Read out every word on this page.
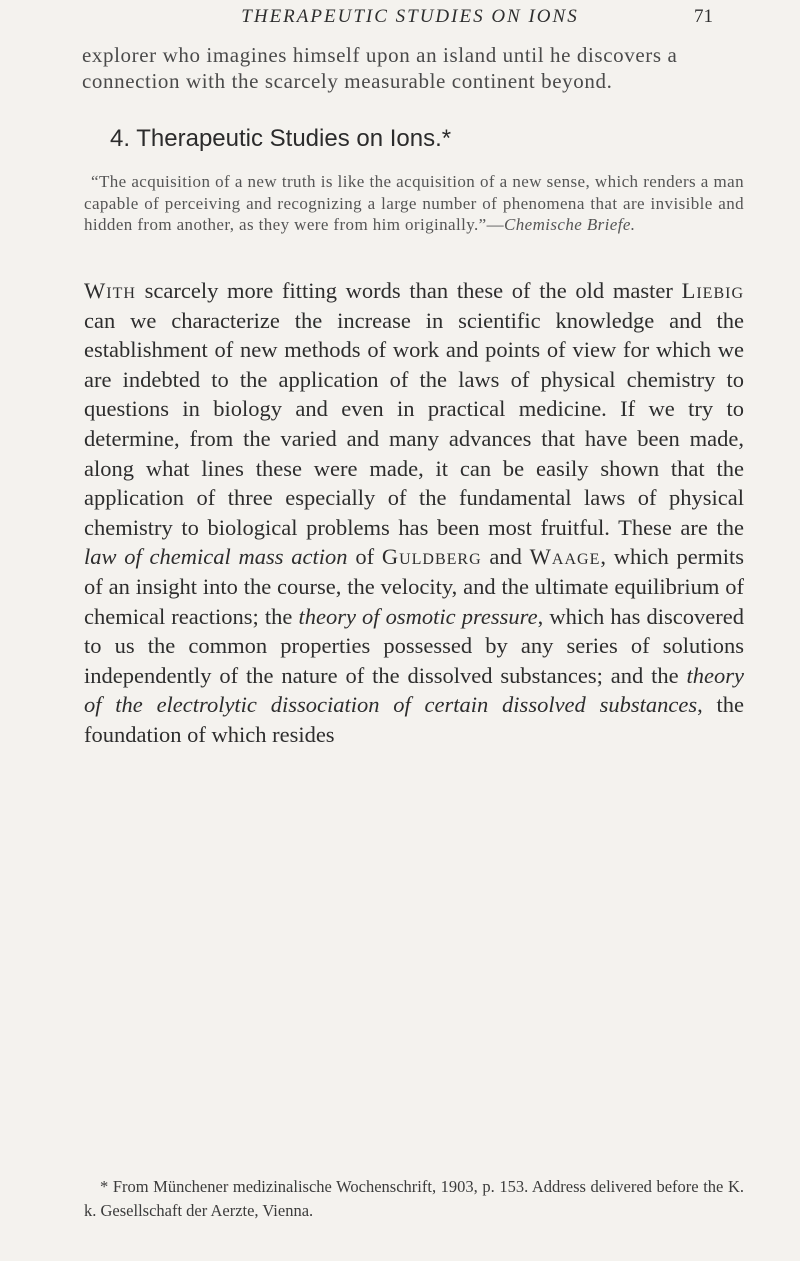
THERAPEUTIC STUDIES ON IONS	71

explorer who imagines himself upon an island until he discovers a connection with the scarcely measurable continent beyond.

4. Therapeutic Studies on Ions.*

“The acquisition of a new truth is like the acquisition of a new sense, which renders a man capable of perceiving and recognizing a large number of phenomena that are invisible and hidden from another, as they were from him originally.”—Chemische Briefe.

With scarcely more fitting words than these of the old master Liebig can we characterize the increase in scientific knowledge and the establishment of new methods of work and points of view for which we are indebted to the application of the laws of physical chemistry to questions in biology and even in practical medicine. If we try to determine, from the varied and many advances that have been made, along what lines these were made, it can be easily shown that the application of three especially of the fundamental laws of physical chemistry to biological problems has been most fruitful. These are the law of chemical mass action of Guldberg and Waage, which permits of an insight into the course, the velocity, and the ultimate equilibrium of chemical reactions; the theory of osmotic pressure, which has discovered to us the common properties possessed by any series of solutions independently of the nature of the dissolved substances; and the theory of the electrolytic dissociation of certain dissolved substances, the foundation of which resides

* From Münchener medizinalische Wochenschrift, 1903, p. 153. Address delivered before the K. k. Gesellschaft der Aerzte, Vienna.
